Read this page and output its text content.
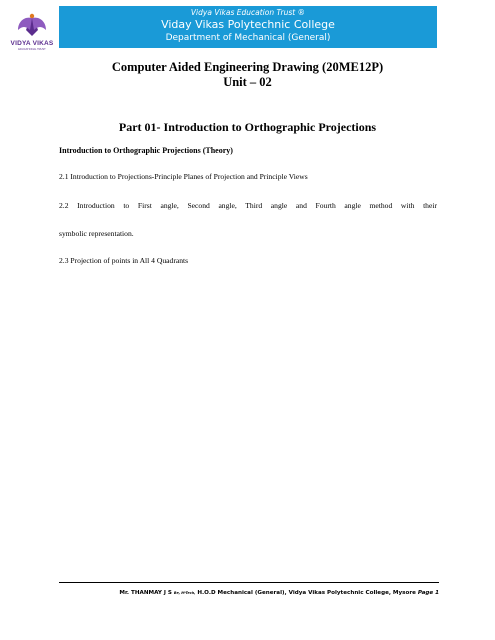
VIDYA VIKAS
EDUCATIONAL TRUST
Vidya Vikas Education Trust ®
Viday Vikas Polytechnic College
Department of Mechanical (General)
Computer Aided Engineering Drawing (20ME12P)
Unit – 02
Part 01- Introduction to Orthographic Projections
Introduction to Orthographic Projections (Theory)
2.1 Introduction to Projections-Principle Planes of Projection and Principle Views
2.2 Introduction to First angle, Second angle, Third angle and Fourth angle method with their
symbolic representation.
2.3 Projection of points in All 4 Quadrants
Mr. THANMAY J S Be, M-Tech, H.O.D Mechanical (General), Vidya Vikas Polytechnic College, Mysore Page 1
